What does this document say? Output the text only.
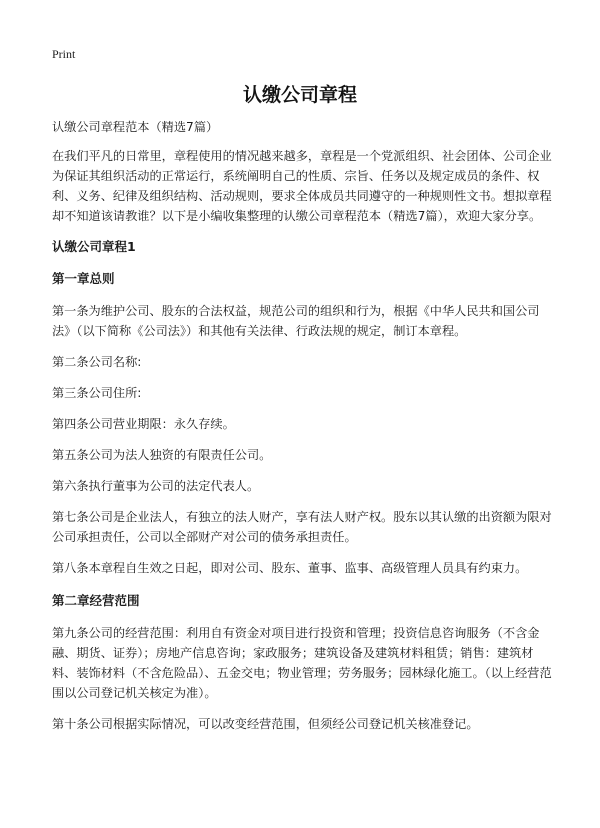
Print
认缴公司章程

认缴公司章程范本（精选7篇）

在我们平凡的日常里，章程使用的情况越来越多，章程是一个党派组织、社会团体、公司企业为保证其组织活动的正常运行，系统阐明自己的性质、宗旨、任务以及规定成员的条件、权利、义务、纪律及组织结构、活动规则，要求全体成员共同遵守的一种规则性文书。想拟章程却不知道该请教谁？以下是小编收集整理的认缴公司章程范本（精选7篇），欢迎大家分享。

认缴公司章程1
第一章总则

第一条为维护公司、股东的合法权益，规范公司的组织和行为，根据《中华人民共和国公司法》（以下简称《公司法》）和其他有关法律、行政法规的规定，制订本章程。

第二条公司名称:

第三条公司住所:

第四条公司营业期限：永久存续。

第五条公司为法人独资的有限责任公司。

第六条执行董事为公司的法定代表人。

第七条公司是企业法人，有独立的法人财产，享有法人财产权。股东以其认缴的出资额为限对公司承担责任，公司以全部财产对公司的债务承担责任。

第八条本章程自生效之日起，即对公司、股东、董事、监事、高级管理人员具有约束力。

第二章经营范围

第九条公司的经营范围：利用自有资金对项目进行投资和管理；投资信息咨询服务（不含金融、期货、证券）；房地产信息咨询；家政服务；建筑设备及建筑材料租赁；销售：建筑材料、装饰材料（不含危险品）、五金交电；物业管理；劳务服务；园林绿化施工。（以上经营范围以公司登记机关核定为准）。

第十条公司根据实际情况，可以改变经营范围，但须经公司登记机关核准登记。
